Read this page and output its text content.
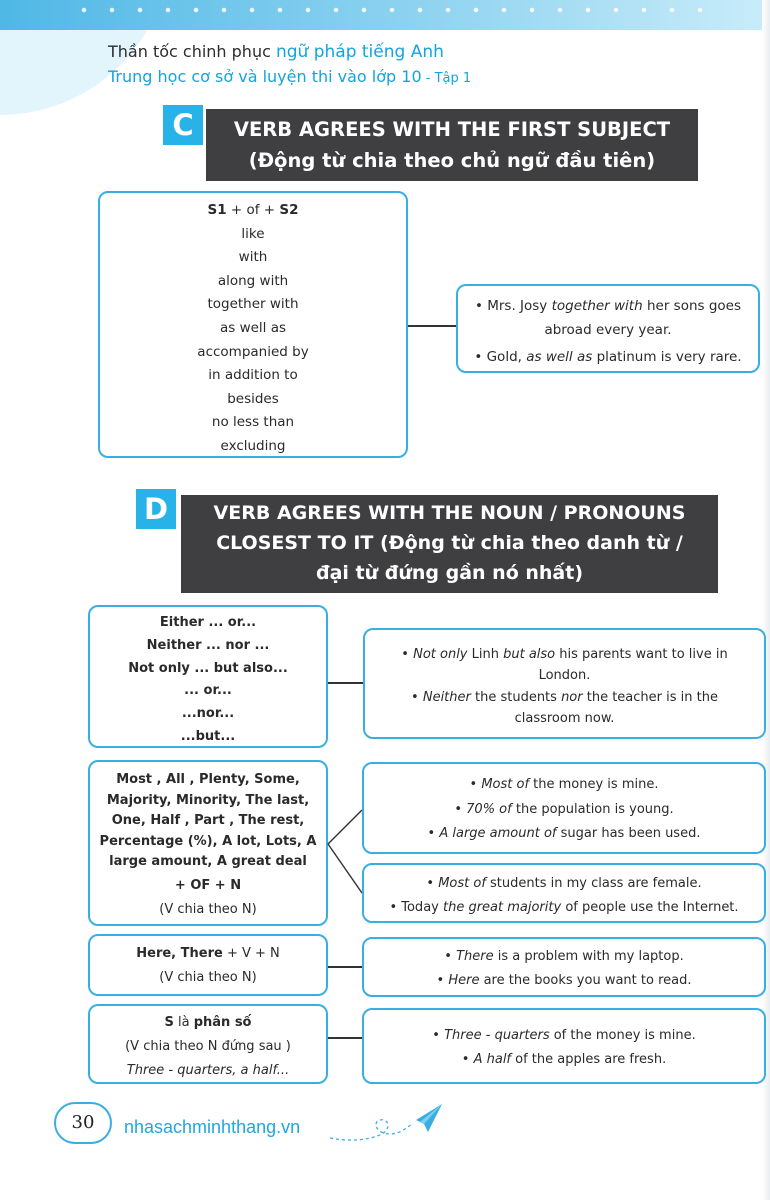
Thần tốc chinh phục ngữ pháp tiếng Anh
Trung học cơ sở và luyện thi vào lớp 10 - Tập 1
C	VERB AGREES WITH THE FIRST SUBJECT
(Động từ chia theo chủ ngữ đầu tiên)
S1 + of + S2
like
with
along with
together with
as well as
accompanied by
in addition to
besides
no less than
excluding
• Mrs. Josy together with her sons goes
abroad every year.
• Gold, as well as platinum is very rare.
D	VERB AGREES WITH THE NOUN / PRONOUNS
CLOSEST TO IT (Động từ chia theo danh từ /
đại từ đứng gần nó nhất)
Either ... or...
Neither ... nor ...
Not only ... but also...
... or...
...nor...
...but...
• Not only Linh but also his parents want to live in
London.
• Neither the students nor the teacher is in the
classroom now.
Most , All , Plenty, Some,
Majority, Minority, The last,
One, Half , Part , The rest,
Percentage (%), A lot, Lots, A
large amount, A great deal
+ OF + N
(V chia theo N)
• Most of the money is mine.
• 70% of the population is young.
• A large amount of sugar has been used.
• Most of students in my class are female.
• Today the great majority of people use the Internet.
Here, There + V + N
(V chia theo N)
• There is a problem with my laptop.
• Here are the books you want to read.
S là phân số
(V chia theo N đứng sau )
Three - quarters, a half...
• Three - quarters of the money is mine.
• A half of the apples are fresh.
30	nhasachminhthang.vn
